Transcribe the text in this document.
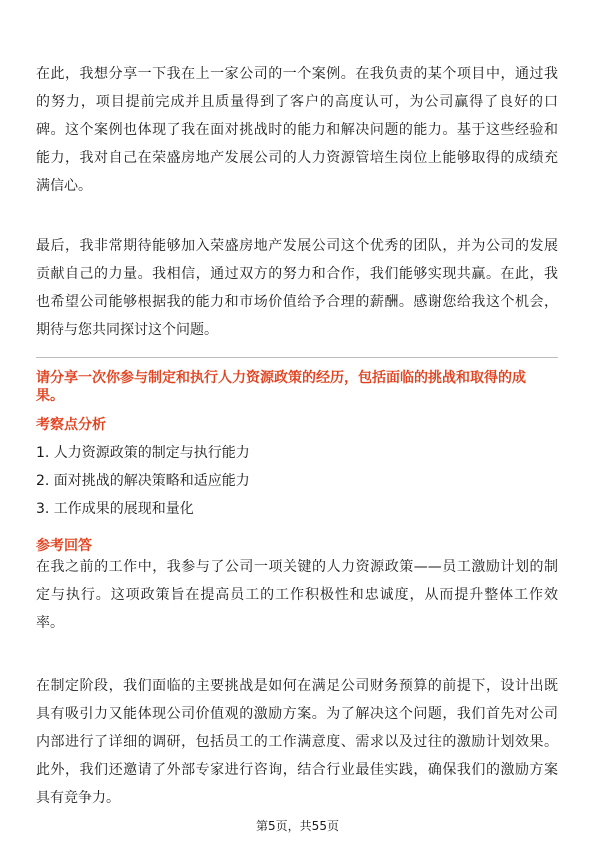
在此，我想分享一下我在上一家公司的一个案例。在我负责的某个项目中，通过我
的努力，项目提前完成并且质量得到了客户的高度认可，为公司赢得了良好的口
碑。这个案例也体现了我在面对挑战时的能力和解决问题的能力。基于这些经验和
能力，我对自己在荣盛房地产发展公司的人力资源管培生岗位上能够取得的成绩充
满信心。

最后，我非常期待能够加入荣盛房地产发展公司这个优秀的团队，并为公司的发展
贡献自己的力量。我相信，通过双方的努力和合作，我们能够实现共赢。在此，我
也希望公司能够根据我的能力和市场价值给予合理的薪酬。感谢您给我这个机会，
期待与您共同探讨这个问题。

请分享一次你参与制定和执行人力资源政策的经历，包括面临的挑战和取得的成
果。

考察点分析

1. 人力资源政策的制定与执行能力

2. 面对挑战的解决策略和适应能力

3. 工作成果的展现和量化

参考回答

在我之前的工作中，我参与了公司一项关键的人力资源政策——员工激励计划的制
定与执行。这项政策旨在提高员工的工作积极性和忠诚度，从而提升整体工作效
率。

在制定阶段，我们面临的主要挑战是如何在满足公司财务预算的前提下，设计出既
具有吸引力又能体现公司价值观的激励方案。为了解决这个问题，我们首先对公司
内部进行了详细的调研，包括员工的工作满意度、需求以及过往的激励计划效果。
此外，我们还邀请了外部专家进行咨询，结合行业最佳实践，确保我们的激励方案
具有竞争力。

第5页，共55页
